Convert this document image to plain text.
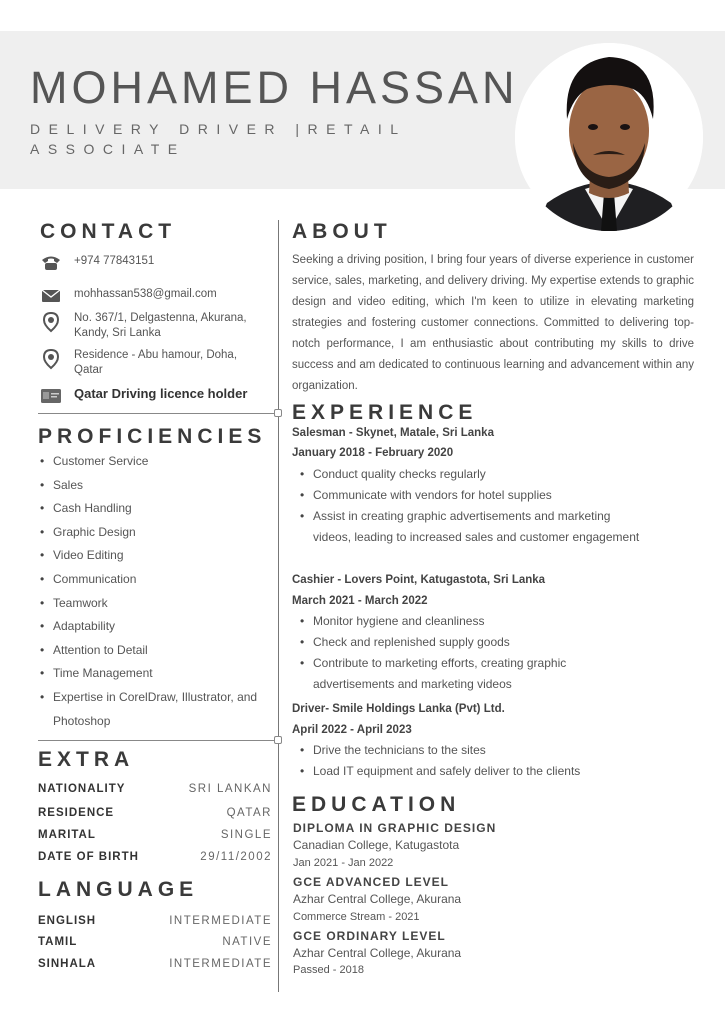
MOHAMED HASSAN
DELIVERY DRIVER |RETAIL ASSOCIATE
CONTACT
+974 77843151
mohhassan538@gmail.com
No. 367/1, Delgastenna, Akurana, Kandy, Sri Lanka
Residence - Abu hamour, Doha, Qatar
Qatar Driving licence holder
PROFICIENCIES
• Customer Service
• Sales
• Cash Handling
• Graphic Design
• Video Editing
• Communication
• Teamwork
• Adaptability
• Attention to Detail
• Time Management
• Expertise in CorelDraw, Illustrator, and Photoshop
EXTRA
NATIONALITY	SRI LANKAN
RESIDENCE	QATAR
MARITAL	SINGLE
DATE OF BIRTH	29/11/2002
LANGUAGE
ENGLISH	INTERMEDIATE
TAMIL	NATIVE
SINHALA	INTERMEDIATE
ABOUT
Seeking a driving position, I bring four years of diverse experience in customer service, sales, marketing, and delivery driving. My expertise extends to graphic design and video editing, which I'm keen to utilize in elevating marketing strategies and fostering customer connections. Committed to delivering top-notch performance, I am enthusiastic about contributing my skills to drive success and am dedicated to continuous learning and advancement within any organization.
EXPERIENCE
Salesman - Skynet, Matale, Sri Lanka
January 2018 - February 2020
• Conduct quality checks regularly
• Communicate with vendors for hotel supplies
• Assist in creating graphic advertisements and marketing videos, leading to increased sales and customer engagement
Cashier - Lovers Point, Katugastota, Sri Lanka
March 2021 - March 2022
• Monitor hygiene and cleanliness
• Check and replenished supply goods
• Contribute to marketing efforts, creating graphic advertisements and marketing videos
Driver- Smile Holdings Lanka (Pvt) Ltd.
April 2022 - April 2023
• Drive the technicians to the sites
• Load IT equipment and safely deliver to the clients
EDUCATION
DIPLOMA IN GRAPHIC DESIGN
Canadian College, Katugastota
Jan 2021 - Jan 2022
GCE ADVANCED LEVEL
Azhar Central College, Akurana
Commerce Stream - 2021
GCE ORDINARY LEVEL
Azhar Central College, Akurana
Passed - 2018
